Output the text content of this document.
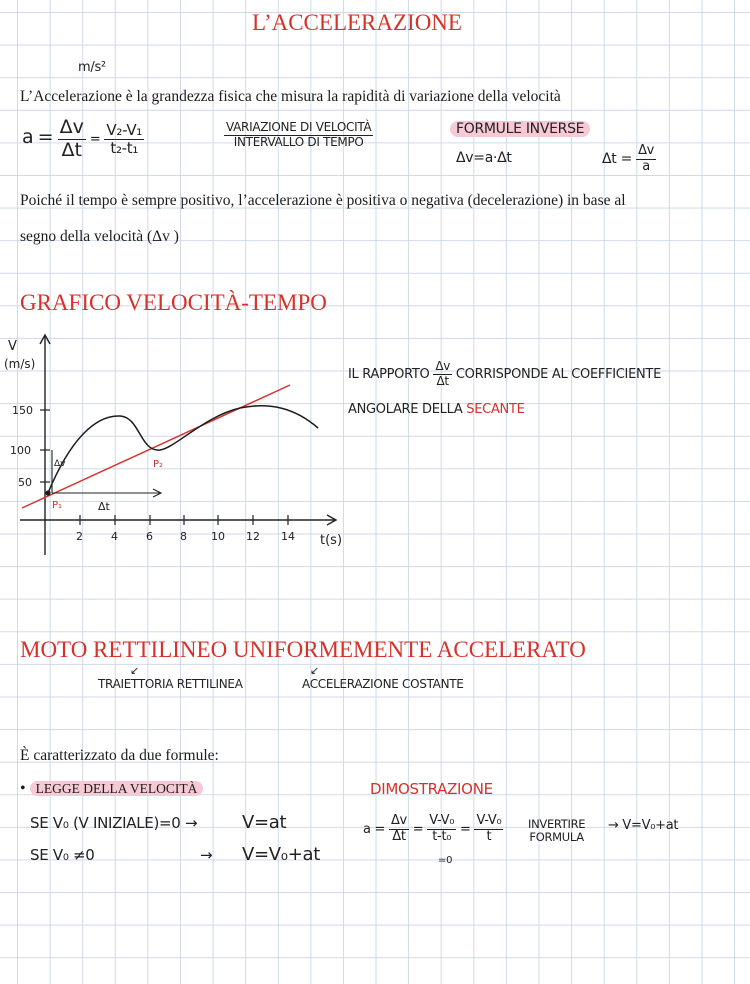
L’ACCELERAZIONE
m/s²
L’Accelerazione è la grandezza fisica che misura la rapidità di variazione della velocità
$a = \frac{\Delta v}{\Delta t} = \frac{\text{V₂-V₁}}{\text{t₂-t₁}}$	VARIAZIONE DI VELOCITÀ
INTERVALLO DI TEMPO
FORMULE INVERSE
Δv=a·Δt	$\Delta t = \frac{\Delta v}{a}$
Poiché il tempo è sempre positivo, l’accelerazione è positiva o negativa (decelerazione) in base al
segno della velocità (Δv )
GRAFICO VELOCITÀ-TEMPO
V
(m/s)
t(s)
150
100
50
2	4	6 8 10 12 14
Δv
Δt
P₁
P₂
IL RAPPORTO $\frac{\Delta v}{\Delta t}$ CORRISPONDE AL COEFFICIENTE
ANGOLARE DELLA SECANTE
MOTO RETTILINEO UNIFORMEMENTE ACCELERATO
↙	↙
TRAIETTORIA RETTILINEA	ACCELERAZIONE COSTANTE
È caratterizzato da due formule:
• LEGGE DELLA VELOCITÀ
SE V₀ (V INIZIALE)=0 → V=at
SE V₀ ≠0	→ V=V₀+at
DIMOSTRAZIONE
$a = \frac{\Delta v}{\Delta t} = \frac{\text{V-V₀}}{\text{t-t₀}} = \frac{\text{V-V₀}}{t}$
=0
INVERTIRE
FORMULA
→ V=V₀+at
